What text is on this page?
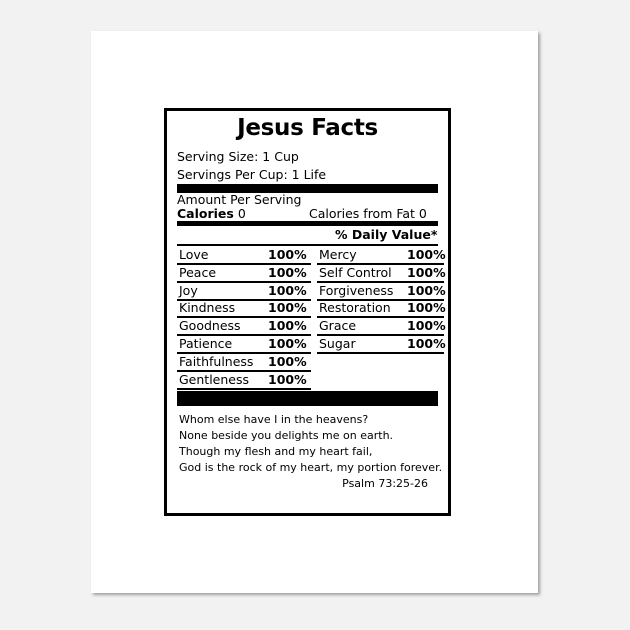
Jesus Facts
Serving Size: 1 Cup
Servings Per Cup: 1 Life
Amount Per Serving
Calories 0	Calories from Fat 0
% Daily Value*
Love	100%
Peace	100%
Joy	100%
Kindness	100%
Goodness 100%
Patience	100%
Faithfulness 100%
Gentleness 100%
Mercy	100%
Self Control 100%
Forgiveness 100%
Restoration 100%
Grace	100%
Sugar	100%
Whom else have I in the heavens?
None beside you delights me on earth.
Though my flesh and my heart fail,
God is the rock of my heart, my portion forever.
Psalm 73:25-26
